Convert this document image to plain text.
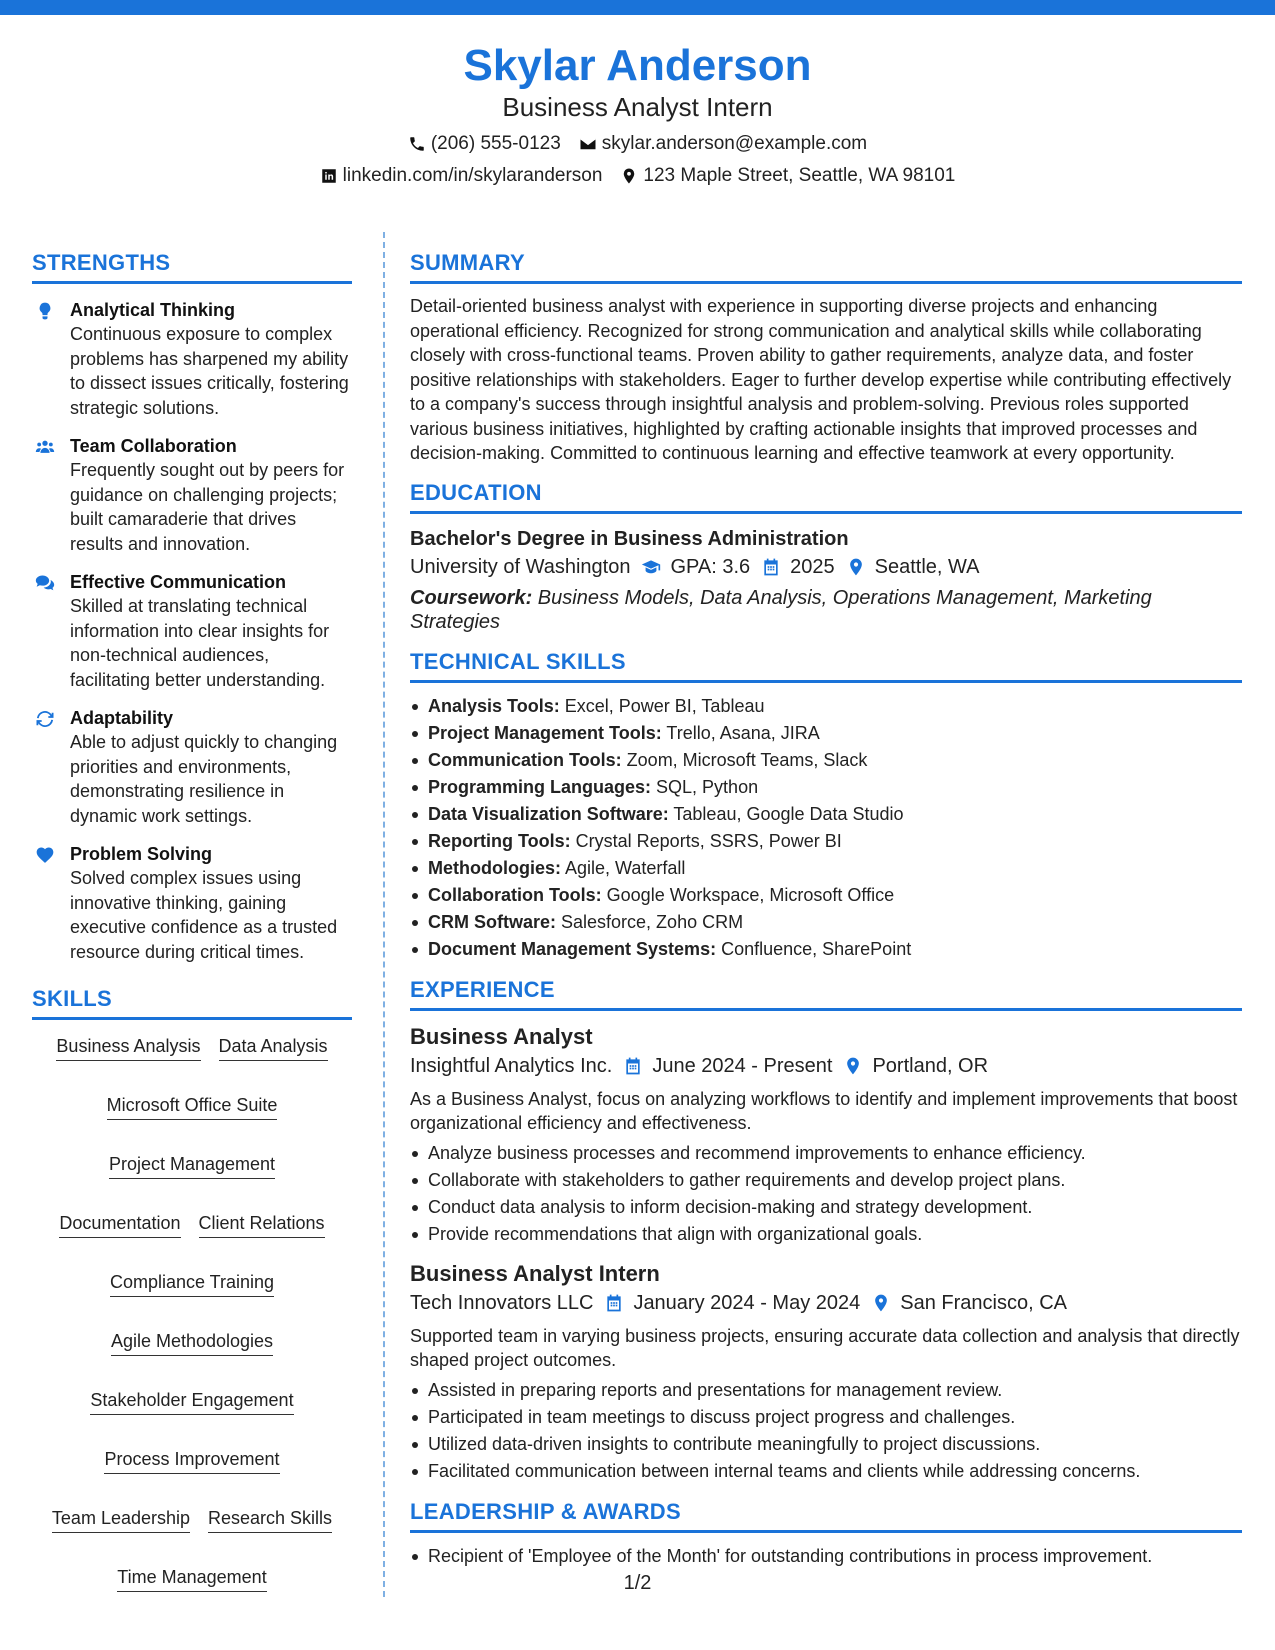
Skylar Anderson
Business Analyst Intern
(206) 555-0123 skylar.anderson@example.com
linkedin.com/in/skylaranderson 123 Maple Street, Seattle, WA 98101
STRENGTHS
Analytical Thinking
Continuous exposure to complex problems has sharpened my ability to dissect issues critically, fostering strategic solutions.
Team Collaboration
Frequently sought out by peers for guidance on challenging projects; built camaraderie that drives results and innovation.
Effective Communication
Skilled at translating technical information into clear insights for non-technical audiences, facilitating better understanding.
Adaptability
Able to adjust quickly to changing priorities and environments, demonstrating resilience in dynamic work settings.
Problem Solving
Solved complex issues using innovative thinking, gaining executive confidence as a trusted resource during critical times.
SKILLS
Business Analysis Data Analysis
Microsoft Office Suite
Project Management
Documentation Client Relations
Compliance Training
Agile Methodologies
Stakeholder Engagement
Process Improvement
Team Leadership Research Skills
Time Management
SUMMARY
Detail-oriented business analyst with experience in supporting diverse projects and enhancing operational efficiency. Recognized for strong communication and analytical skills while collaborating closely with cross-functional teams. Proven ability to gather requirements, analyze data, and foster positive relationships with stakeholders. Eager to further develop expertise while contributing effectively to a company's success through insightful analysis and problem-solving. Previous roles supported various business initiatives, highlighted by crafting actionable insights that improved processes and decision-making. Committed to continuous learning and effective teamwork at every opportunity.
EDUCATION
Bachelor's Degree in Business Administration
University of Washington GPA: 3.6 2025 Seattle, WA
Coursework: Business Models, Data Analysis, Operations Management, Marketing Strategies
TECHNICAL SKILLS
Analysis Tools: Excel, Power BI, Tableau
Project Management Tools: Trello, Asana, JIRA
Communication Tools: Zoom, Microsoft Teams, Slack
Programming Languages: SQL, Python
Data Visualization Software: Tableau, Google Data Studio
Reporting Tools: Crystal Reports, SSRS, Power BI
Methodologies: Agile, Waterfall
Collaboration Tools: Google Workspace, Microsoft Office
CRM Software: Salesforce, Zoho CRM
Document Management Systems: Confluence, SharePoint
EXPERIENCE
Business Analyst
Insightful Analytics Inc. June 2024 - Present Portland, OR
As a Business Analyst, focus on analyzing workflows to identify and implement improvements that boost organizational efficiency and effectiveness.
Analyze business processes and recommend improvements to enhance efficiency.
Collaborate with stakeholders to gather requirements and develop project plans.
Conduct data analysis to inform decision-making and strategy development.
Provide recommendations that align with organizational goals.
Business Analyst Intern
Tech Innovators LLC January 2024 - May 2024 San Francisco, CA
Supported team in varying business projects, ensuring accurate data collection and analysis that directly shaped project outcomes.
Assisted in preparing reports and presentations for management review.
Participated in team meetings to discuss project progress and challenges.
Utilized data-driven insights to contribute meaningfully to project discussions.
Facilitated communication between internal teams and clients while addressing concerns.
LEADERSHIP & AWARDS
Recipient of 'Employee of the Month' for outstanding contributions in process improvement.
1/2
